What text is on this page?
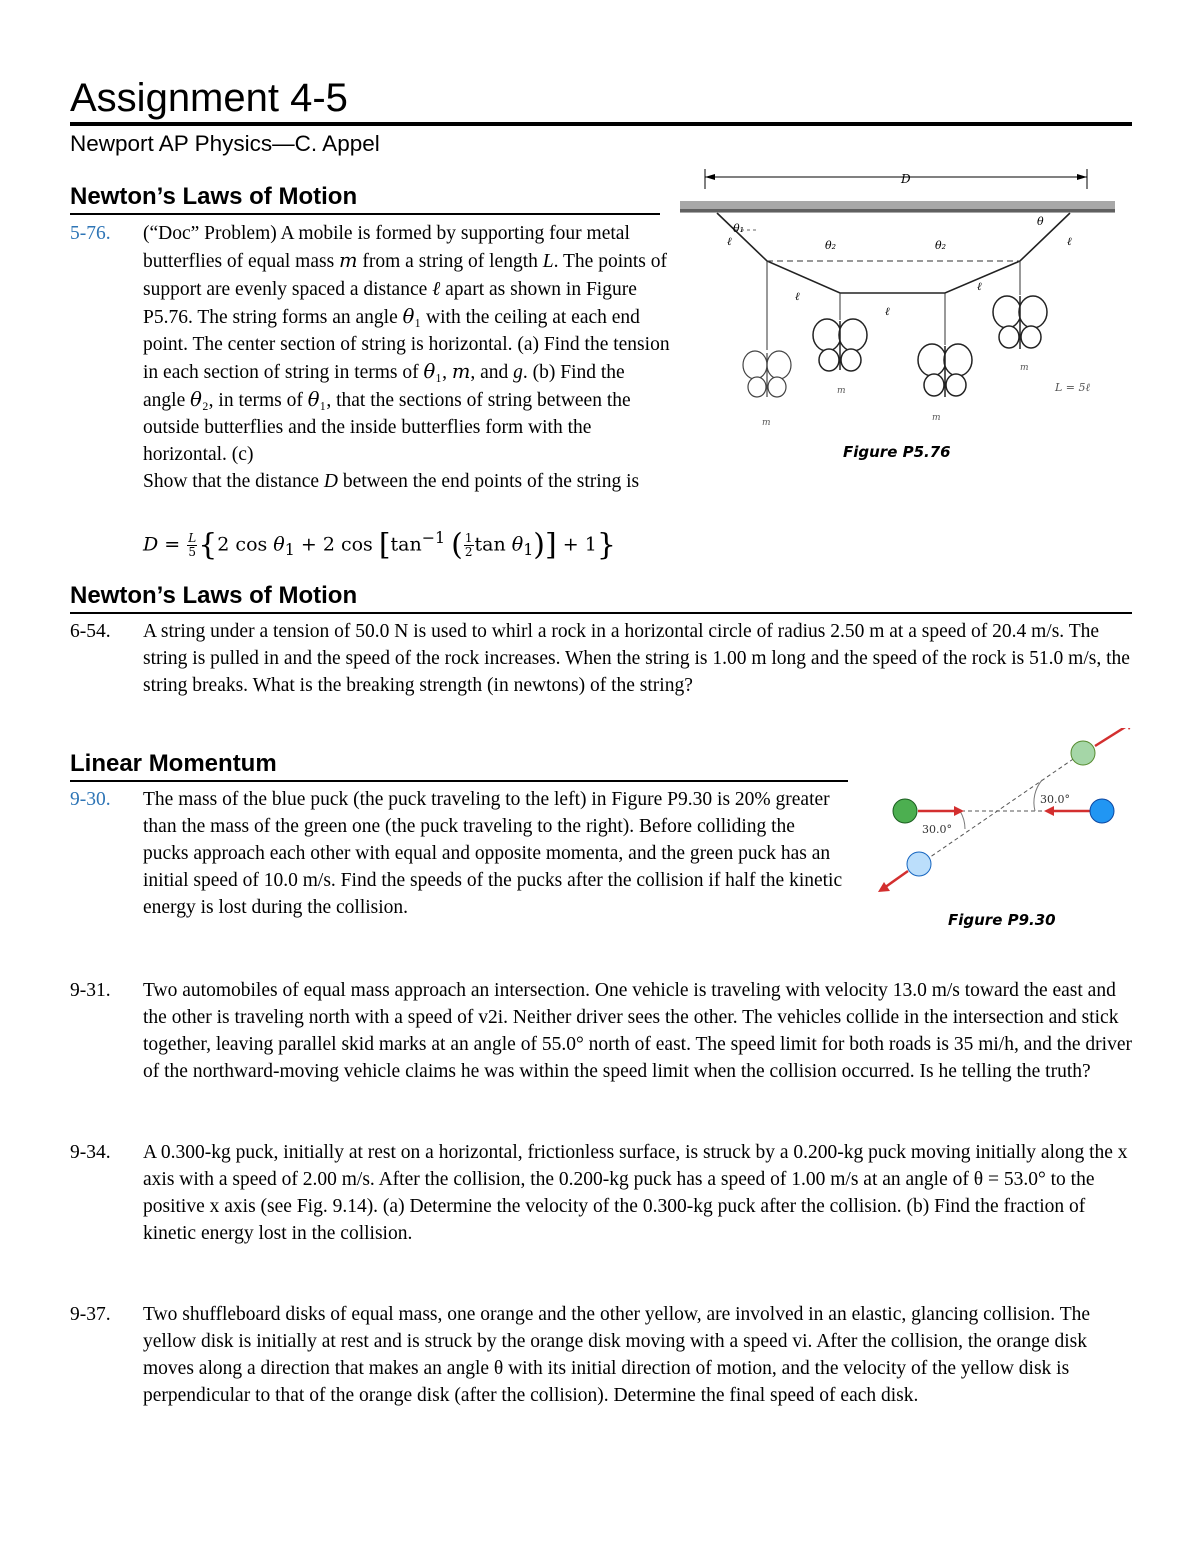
Assignment 4-5
Newport AP Physics—C. Appel
Newton’s Laws of Motion
5-76. (“Doc” Problem) A mobile is formed by supporting four metal butterflies of equal mass m from a string of length L. The points of support are evenly spaced a distance ℓ apart as shown in Figure P5.76. The string forms an angle θ₁ with the ceiling at each end point. The center section of string is horizontal. (a) Find the tension in each section of string in terms of θ₁, m, and g. (b) Find the angle θ₂, in terms of θ₁, that the sections of string between the outside butterflies and the inside butterflies form with the horizontal. (c)
Show that the distance D between the end points of the string is
$D = \frac{L}{5} \{2$ $\cos \theta_1 + 2$ $\cos [\tan^{-1}$ ( $\frac{1}{2}$ $\tan \theta_1)] + 1$}
D
θ₁
θ₂	θ₂
θ
ℓ
ℓ
ℓ
ℓ
ℓ
L = 5ℓ
m
m
m
m
Figure P5.76
Newton’s Laws of Motion
6-54. A string under a tension of 50.0 N is used to whirl a rock in a horizontal circle of radius 2.50 m at a speed of 20.4 m/s. The string is pulled in and the speed of the rock increases. When the string is 1.00 m long and the speed of the rock is 51.0 m/s, the string breaks. What is the breaking strength (in newtons) of the string?
Linear Momentum
9-30. The mass of the blue puck (the puck traveling to the left) in Figure P9.30 is 20% greater than the mass of the green one (the puck traveling to the right). Before colliding the pucks approach each other with equal and opposite momenta, and the green puck has an initial speed of 10.0 m/s. Find the speeds of the pucks after the collision if half the kinetic energy is lost during the collision.
30.0°
30.0°
Figure P9.30
9-31. Two automobiles of equal mass approach an intersection. One vehicle is traveling with velocity 13.0 m/s toward the east and the other is traveling north with a speed of v2i. Neither driver sees the other. The vehicles collide in the intersection and stick together, leaving parallel skid marks at an angle of 55.0° north of east. The speed limit for both roads is 35 mi/h, and the driver of the northward-moving vehicle claims he was within the speed limit when the collision occurred. Is he telling the truth?
9-34. A 0.300-kg puck, initially at rest on a horizontal, frictionless surface, is struck by a 0.200-kg puck moving initially along the x axis with a speed of 2.00 m/s. After the collision, the 0.200-kg puck has a speed of 1.00 m/s at an angle of θ = 53.0° to the positive x axis (see Fig. 9.14). (a) Determine the velocity of the 0.300-kg puck after the collision. (b) Find the fraction of kinetic energy lost in the collision.
9-37. Two shuffleboard disks of equal mass, one orange and the other yellow, are involved in an elastic, glancing collision. The yellow disk is initially at rest and is struck by the orange disk moving with a speed vi. After the collision, the orange disk moves along a direction that makes an angle θ with its initial direction of motion, and the velocity of the yellow disk is perpendicular to that of the orange disk (after the collision). Determine the final speed of each disk.
